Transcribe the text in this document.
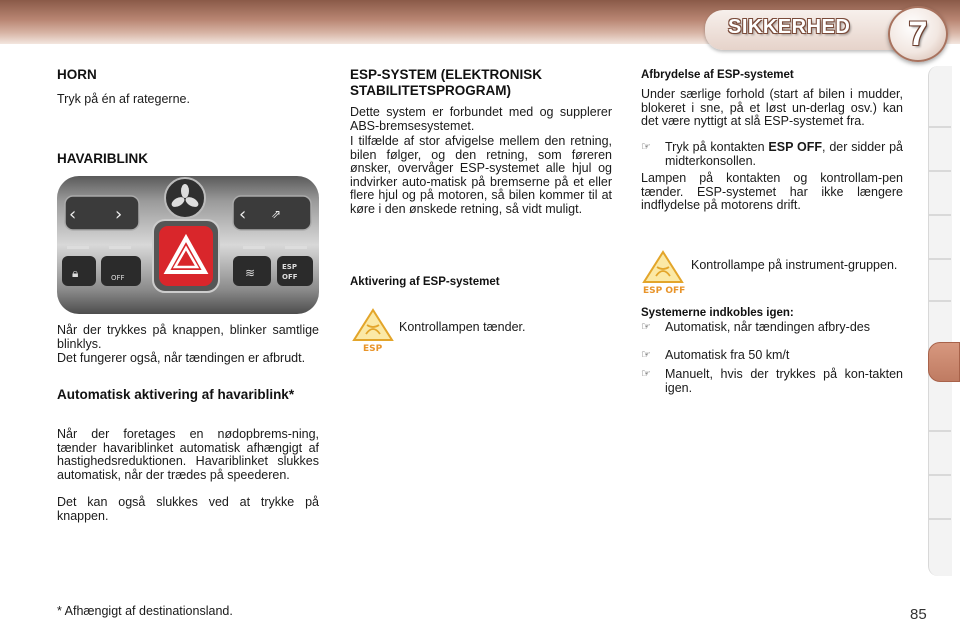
SIKKERHED 7
HORN
Tryk på én af rategerne.
HAVARIBLINK
‹ ›	‹ ⇗
🔒︎	OFF	≋	ESP
OFF
Når der trykkes på knappen, blinker samtlige blinklys.
Det fungerer også, når tændingen er afbrudt.
Automatisk aktivering af havariblink*
Når der foretages en nødopbrems-ning, tænder havariblinket automatisk afhængigt af hastighedsreduktionen. Havariblinket slukkes automatisk, når der trædes på speederen.
Det kan også slukkes ved at trykke på knappen.
ESP-SYSTEM (ELEKTRONISK STABILITETSPROGRAM)
Dette system er forbundet med og supplerer ABS-bremsesystemet.
I tilfælde af stor afvigelse mellem den retning, bilen følger, og den retning, som føreren ønsker, overvåger ESP-systemet alle hjul og indvirker auto-matisk på bremserne på et eller flere hjul og på motoren, så bilen kommer til at køre i den ønskede retning, så vidt muligt.
Aktivering af ESP-systemet
ESP
Kontrollampen tænder.
Afbrydelse af ESP-systemet
Under særlige forhold (start af bilen i mudder, blokeret i sne, på et løst un-derlag osv.) kan det være nyttigt at slå ESP-systemet fra.
☞	Tryk på kontakten ESP OFF, der sidder på midterkonsollen.
Lampen på kontakten og kontrollam-pen tænder. ESP-systemet har ikke længere indflydelse på motorens drift.
ESP OFF
Kontrollampe på instrument-gruppen.
Systemerne indkobles igen:
☞	Automatisk, når tændingen afbry-des
☞	Automatisk fra 50 km/t
☞	Manuelt, hvis der trykkes på kon-takten igen.
* Afhængigt af destinationsland.	85
